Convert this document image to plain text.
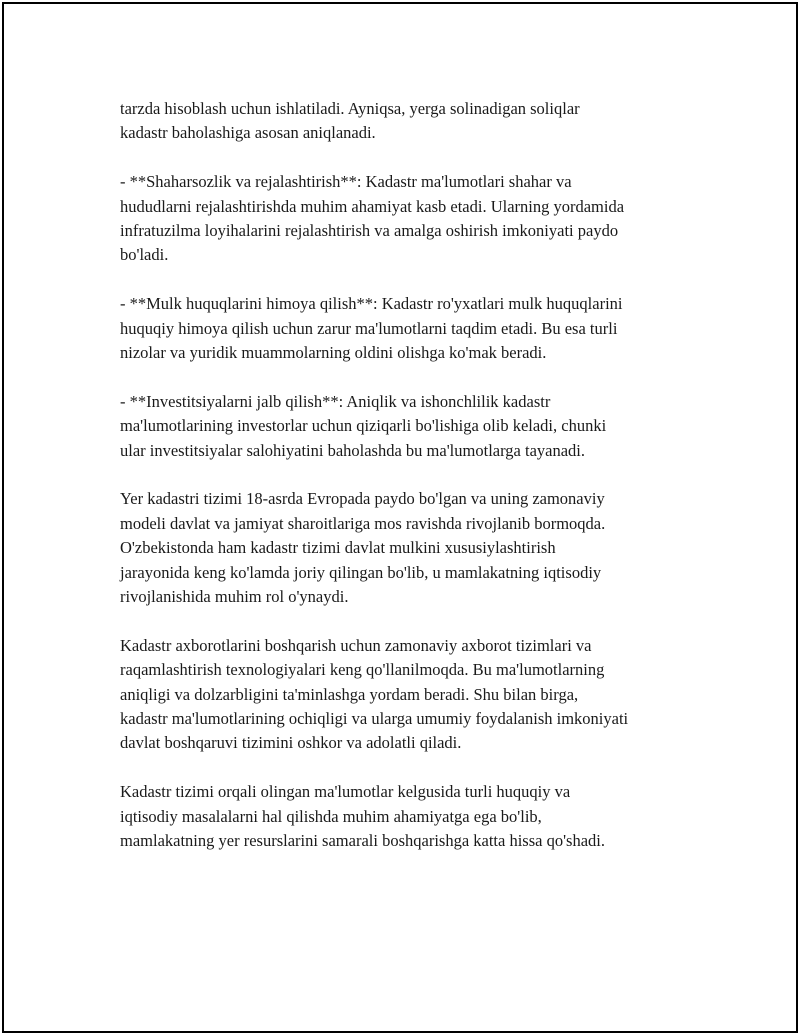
tarzda hisoblash uchun ishlatiladi. Ayniqsa, yerga solinadigan soliqlar
kadastr baholashiga asosan aniqlanadi.

- **Shaharsozlik va rejalashtirish**: Kadastr ma'lumotlari shahar va
hududlarni rejalashtirishda muhim ahamiyat kasb etadi. Ularning yordamida
infratuzilma loyihalarini rejalashtirish va amalga oshirish imkoniyati paydo
bo'ladi.

- **Mulk huquqlarini himoya qilish**: Kadastr ro'yxatlari mulk huquqlarini
huquqiy himoya qilish uchun zarur ma'lumotlarni taqdim etadi. Bu esa turli
nizolar va yuridik muammolarning oldini olishga ko'mak beradi.

- **Investitsiyalarni jalb qilish**: Aniqlik va ishonchlilik kadastr
ma'lumotlarining investorlar uchun qiziqarli bo'lishiga olib keladi, chunki
ular investitsiyalar salohiyatini baholashda bu ma'lumotlarga tayanadi.

Yer kadastri tizimi 18-asrda Evropada paydo bo'lgan va uning zamonaviy
modeli davlat va jamiyat sharoitlariga mos ravishda rivojlanib bormoqda.
O'zbekistonda ham kadastr tizimi davlat mulkini xususiylashtirish
jarayonida keng ko'lamda joriy qilingan bo'lib, u mamlakatning iqtisodiy
rivojlanishida muhim rol o'ynaydi.

Kadastr axborotlarini boshqarish uchun zamonaviy axborot tizimlari va
raqamlashtirish texnologiyalari keng qo'llanilmoqda. Bu ma'lumotlarning
aniqligi va dolzarbligini ta'minlashga yordam beradi. Shu bilan birga,
kadastr ma'lumotlarining ochiqligi va ularga umumiy foydalanish imkoniyati
davlat boshqaruvi tizimini oshkor va adolatli qiladi.

Kadastr tizimi orqali olingan ma'lumotlar kelgusida turli huquqiy va
iqtisodiy masalalarni hal qilishda muhim ahamiyatga ega bo'lib,
mamlakatning yer resurslarini samarali boshqarishga katta hissa qo'shadi.
